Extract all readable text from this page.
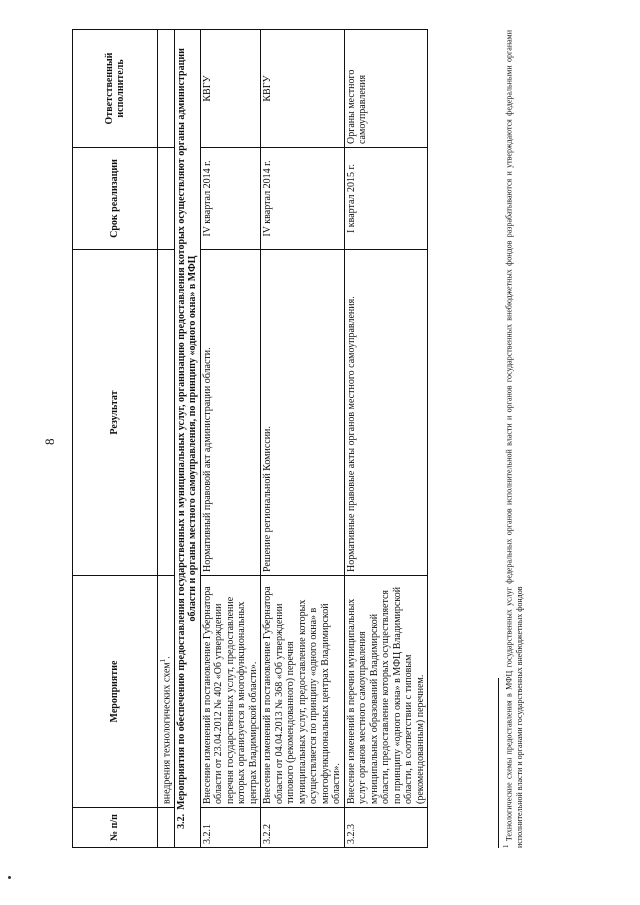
8
№ п/п	Мероприятие	Результат	Срок реализации	Ответственный исполнитель
	внедрения технологических схем$^1$.			
3.2.Мероприятия по обеспечению предоставления государственных и муниципальных услуг, организацию предоставления которых осуществляют органы администрации области и органы местного самоуправления, по принципу «одного окна» в МФЦ				
3.2.1	Внесение изменений в постановление Губернатора области от 23.04.2012 № 402 «Об утверждении перечня государственных услут, предоставление которых организуется в многофункциональных центрах Владимирской области».	Нормативный правовой акт администрации области.	IV квартал 2014 г.	КВГУ
3.2.2	Внесение изменений в постановление Губернатора области от 04.04.2013 № 368 «Об утверждении типового (рекомендованного) перечня муниципальных услуг, предоставление которых осуществляется по принципу «одного окна» в многофункциональных центрах Владимирской области».	Решение региональной Комиссии.	IV квартал 2014 г.	КВГУ
3.2.3	Внесение изменений в перечни муниципальных услуг органов местного самоуправления муниципальных образований Владимирской области, предоставление которых осуществляется по принципу «одного окна» в МФЦ Владимирской области, в соответствии с типовым (рекомендованным) перечнем.	Нормативные правовые акты органов местного самоуправления.	I квартал 2015 г.	Органы местного самоуправления
$^1$ Технологические схемы предоставления в МФЦ государственных услуг федеральных органов исполнительной власти и органов государственных внебюджетных фондов разрабатываются и утверждаются федеральными органами исполнительной власти и органами государственных внебюджетных фондов
